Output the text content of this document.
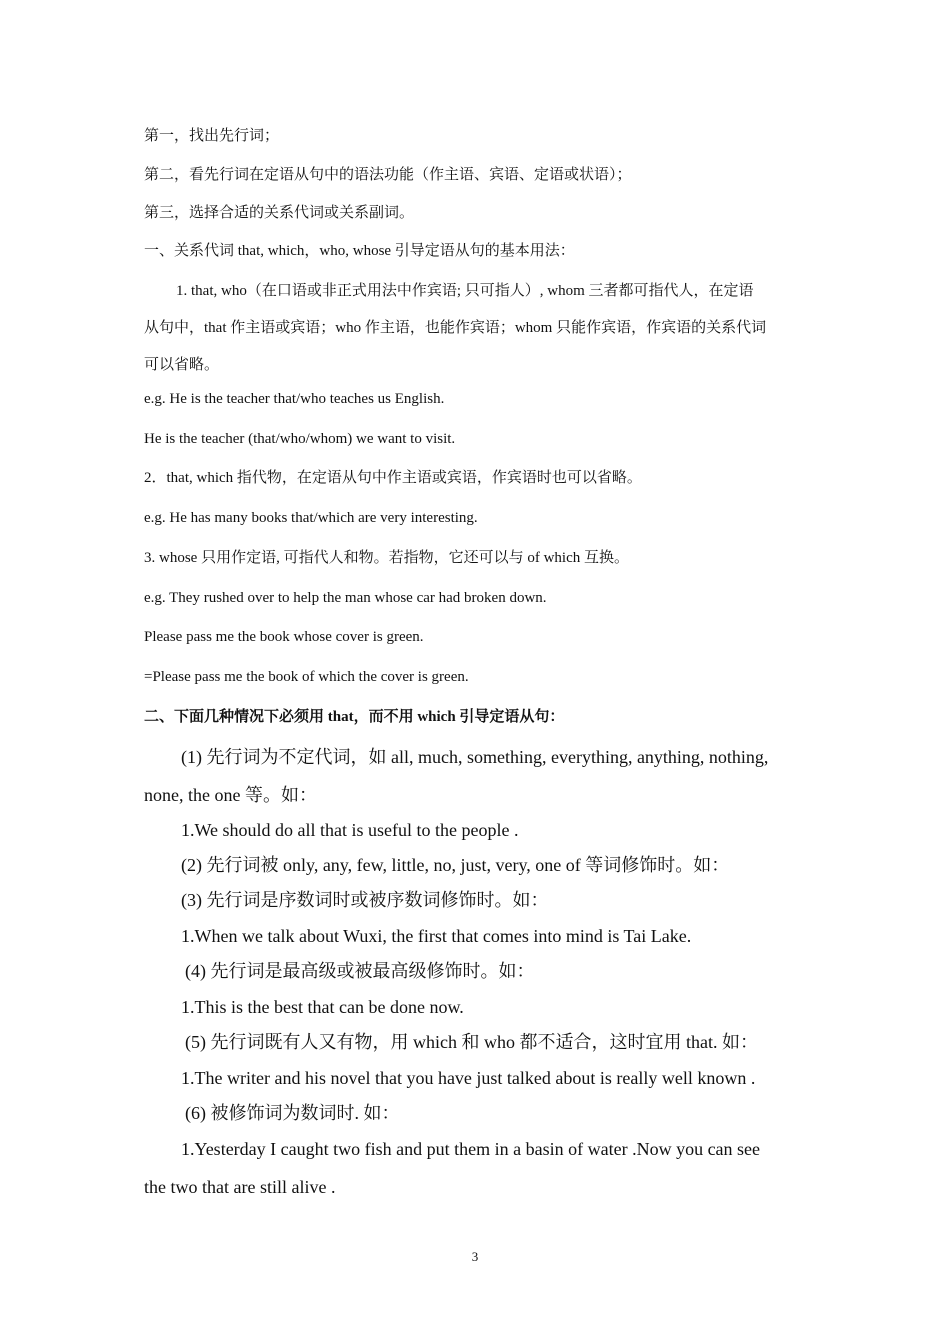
第一，找出先行词；
第二，看先行词在定语从句中的语法功能（作主语、宾语、定语或状语）；
第三，选择合适的关系代词或关系副词。
一、关系代词 that, which，who, whose 引导定语从句的基本用法：
1. that, who（在口语或非正式用法中作宾语; 只可指人）, whom 三者都可指代人，在定语
从句中，that 作主语或宾语；who 作主语，也能作宾语；whom 只能作宾语，作宾语的关系代词
可以省略。
e.g. He is the teacher that/who teaches us English.
He is the teacher (that/who/whom) we want to visit.
2．that, which 指代物，在定语从句中作主语或宾语，作宾语时也可以省略。
e.g. He has many books that/which are very interesting.
3. whose 只用作定语, 可指代人和物。若指物，它还可以与 of which 互换。
e.g. They rushed over to help the man whose car had broken down.
Please pass me the book whose cover is green.
=Please pass me the book of which the cover is green.
二、下面几种情况下必须用 that，而不用 which 引导定语从句：
(1) 先行词为不定代词，如 all, much, something, everything, anything, nothing,
none, the one 等。如：
1.We should do all that is useful to the people .
(2) 先行词被 only, any, few, little, no, just, very, one of 等词修饰时。如：
(3) 先行词是序数词时或被序数词修饰时。如：
1.When we talk about Wuxi, the first that comes into mind is Tai Lake.
(4) 先行词是最高级或被最高级修饰时。如：
1.This is the best that can be done now.
(5) 先行词既有人又有物，用 which 和 who 都不适合，这时宜用 that. 如：
1.The writer and his novel that you have just talked about is really well known .
(6) 被修饰词为数词时. 如：
1.Yesterday I caught two fish and put them in a basin of water .Now you can see
the two that are still alive .
3
